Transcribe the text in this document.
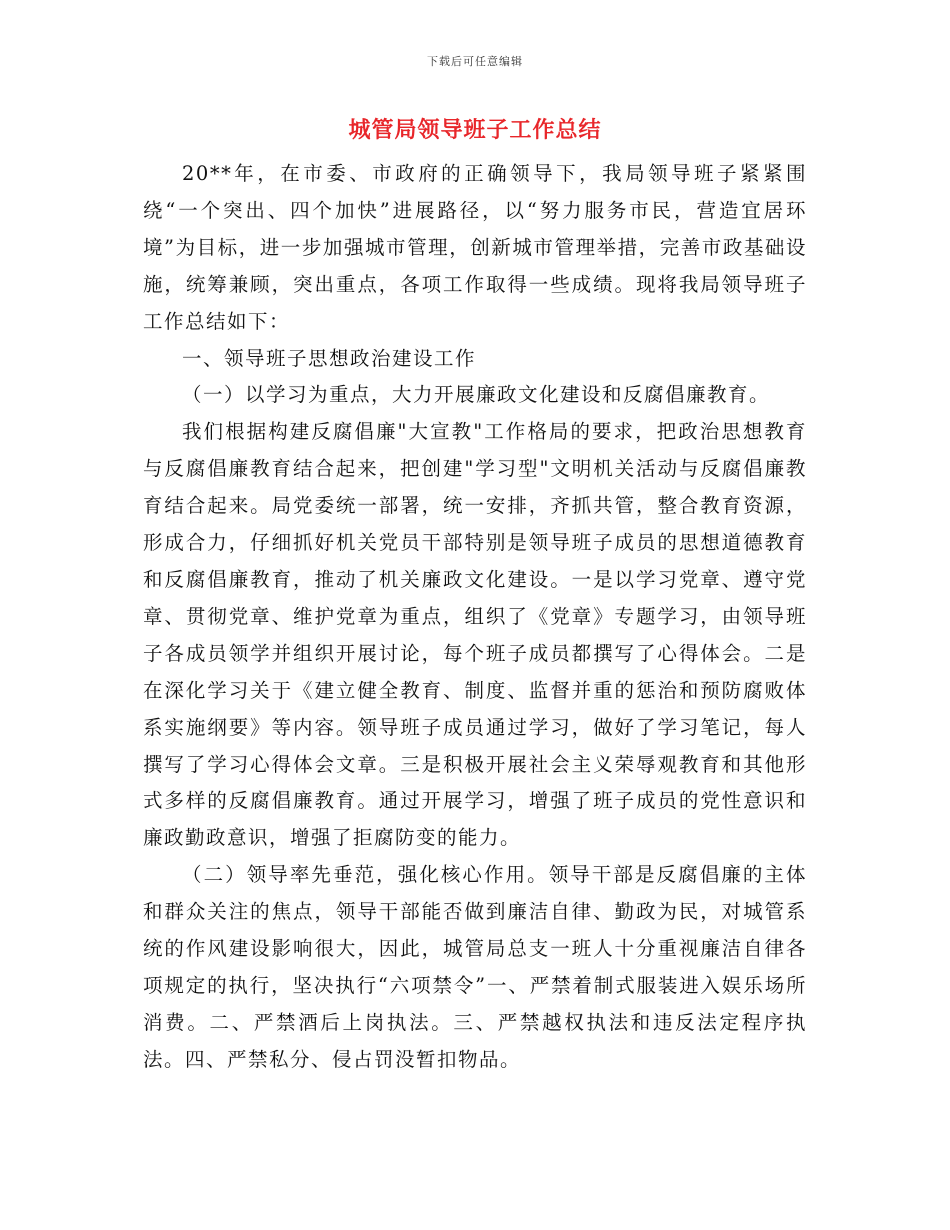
下载后可任意编辑
城管局领导班子工作总结

20**年，在市委、市政府的正确领导下，我局领导班子紧紧围绕“一个突出、四个加快”进展路径，以“努力服务市民，营造宜居环境”为目标，进一步加强城市管理，创新城市管理举措，完善市政基础设施，统筹兼顾，突出重点，各项工作取得一些成绩。现将我局领导班子工作总结如下：

一、领导班子思想政治建设工作

（一）以学习为重点，大力开展廉政文化建设和反腐倡廉教育。

我们根据构建反腐倡廉"大宣教"工作格局的要求，把政治思想教育与反腐倡廉教育结合起来，把创建"学习型"文明机关活动与反腐倡廉教育结合起来。局党委统一部署，统一安排，齐抓共管，整合教育资源，形成合力，仔细抓好机关党员干部特别是领导班子成员的思想道德教育和反腐倡廉教育，推动了机关廉政文化建设。一是以学习党章、遵守党章、贯彻党章、维护党章为重点，组织了《党章》专题学习，由领导班子各成员领学并组织开展讨论，每个班子成员都撰写了心得体会。二是在深化学习关于《建立健全教育、制度、监督并重的惩治和预防腐败体系实施纲要》等内容。领导班子成员通过学习，做好了学习笔记，每人撰写了学习心得体会文章。三是积极开展社会主义荣辱观教育和其他形式多样的反腐倡廉教育。通过开展学习，增强了班子成员的党性意识和廉政勤政意识，增强了拒腐防变的能力。

（二）领导率先垂范，强化核心作用。领导干部是反腐倡廉的主体和群众关注的焦点，领导干部能否做到廉洁自律、勤政为民，对城管系统的作风建设影响很大，因此，城管局总支一班人十分重视廉洁自律各项规定的执行，坚决执行“六项禁令”一、严禁着制式服装进入娱乐场所消费。二、严禁酒后上岗执法。三、严禁越权执法和违反法定程序执法。四、严禁私分、侵占罚没暂扣物品。
